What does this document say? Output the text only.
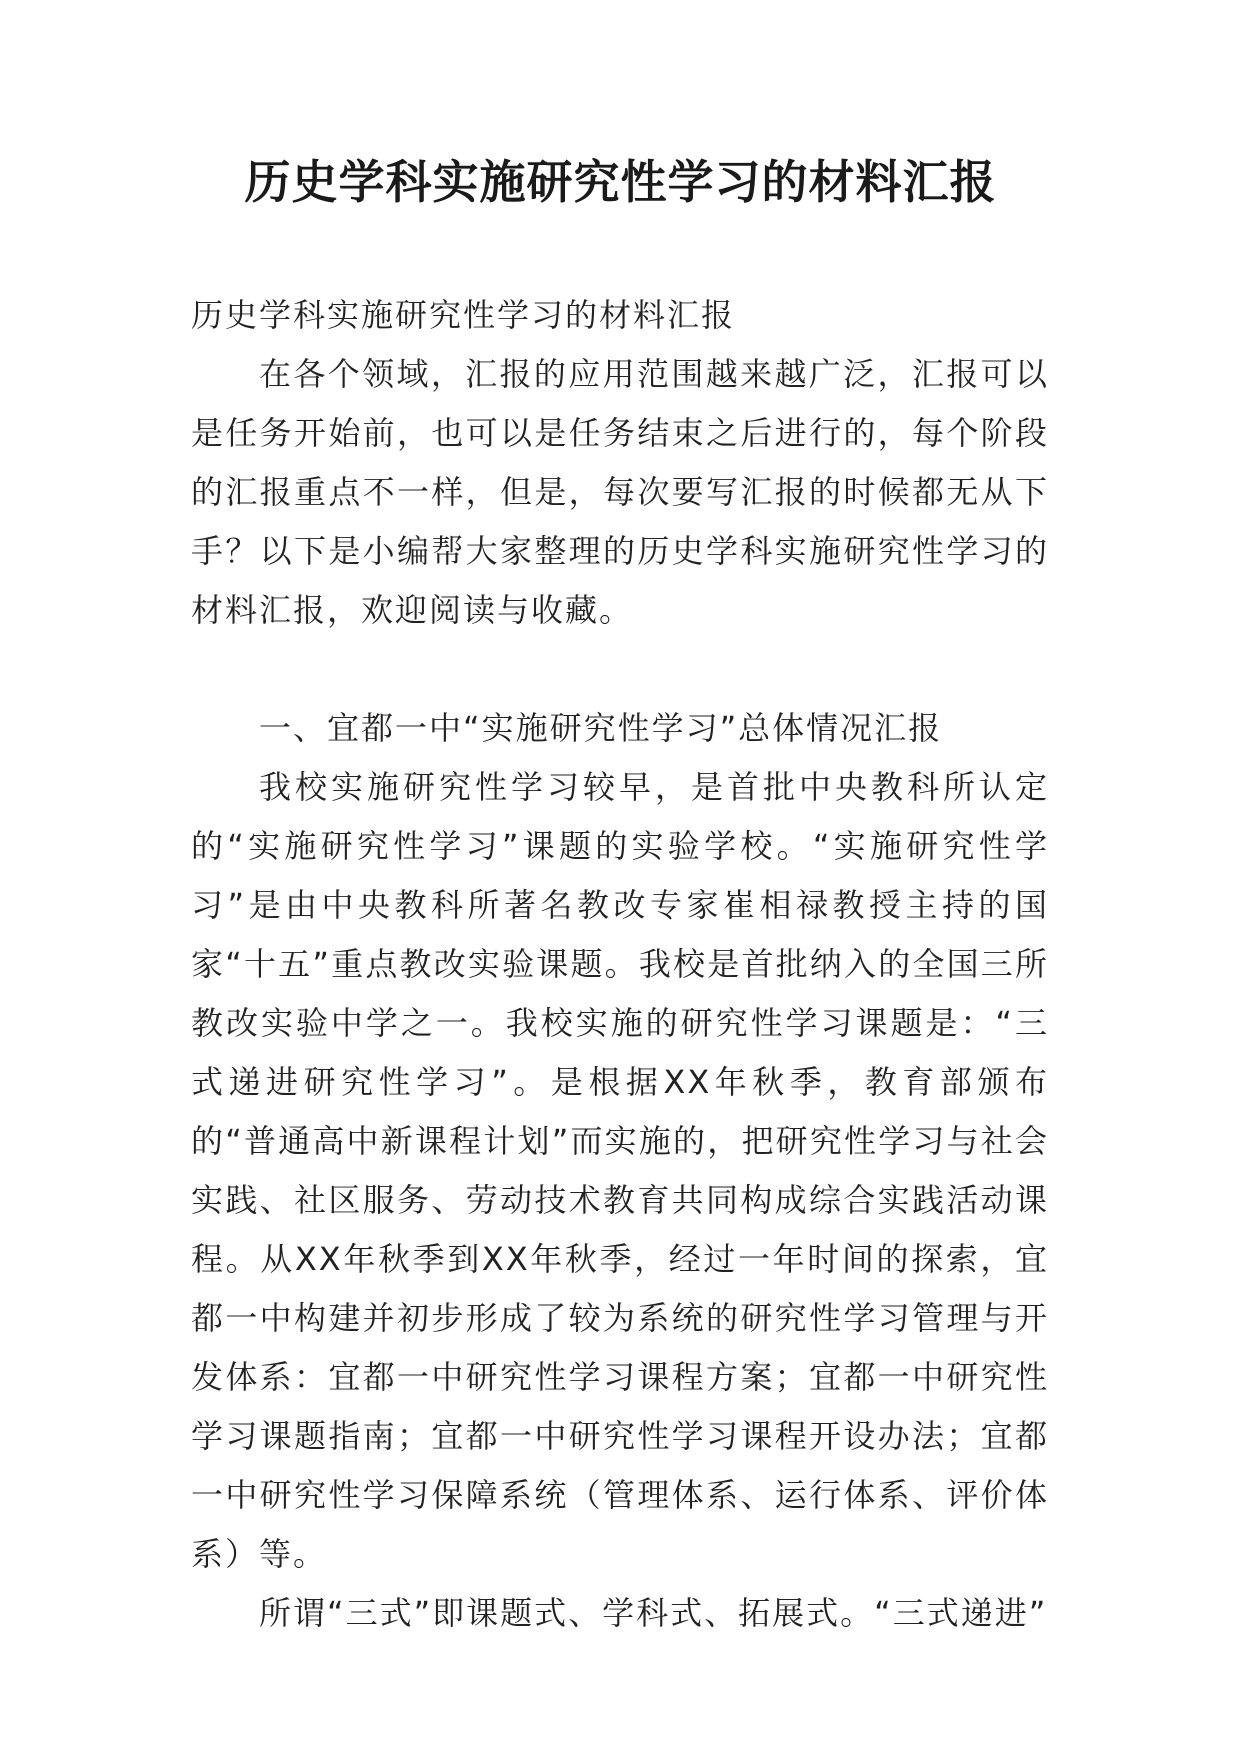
历史学科实施研究性学习的材料汇报

历史学科实施研究性学习的材料汇报

在各个领域，汇报的应用范围越来越广泛，汇报可以是任务开始前，也可以是任务结束之后进行的，每个阶段的汇报重点不一样，但是，每次要写汇报的时候都无从下手？以下是小编帮大家整理的历史学科实施研究性学习的材料汇报，欢迎阅读与收藏。

一、宜都一中“实施研究性学习”总体情况汇报

我校实施研究性学习较早，是首批中央教科所认定的“实施研究性学习”课题的实验学校。“实施研究性学习”是由中央教科所著名教改专家崔相禄教授主持的国家“十五”重点教改实验课题。我校是首批纳入的全国三所教改实验中学之一。我校实施的研究性学习课题是：“三式递进研究性学习”。是根据XX年秋季，教育部颁布的“普通高中新课程计划”而实施的，把研究性学习与社会实践、社区服务、劳动技术教育共同构成综合实践活动课程。从XX年秋季到XX年秋季，经过一年时间的探索，宜都一中构建并初步形成了较为系统的研究性学习管理与开发体系：宜都一中研究性学习课程方案；宜都一中研究性学习课题指南；宜都一中研究性学习课程开设办法；宜都一中研究性学习保障系统（管理体系、运行体系、评价体系）等。

所谓“三式”即课题式、学科式、拓展式。“三式递进”
